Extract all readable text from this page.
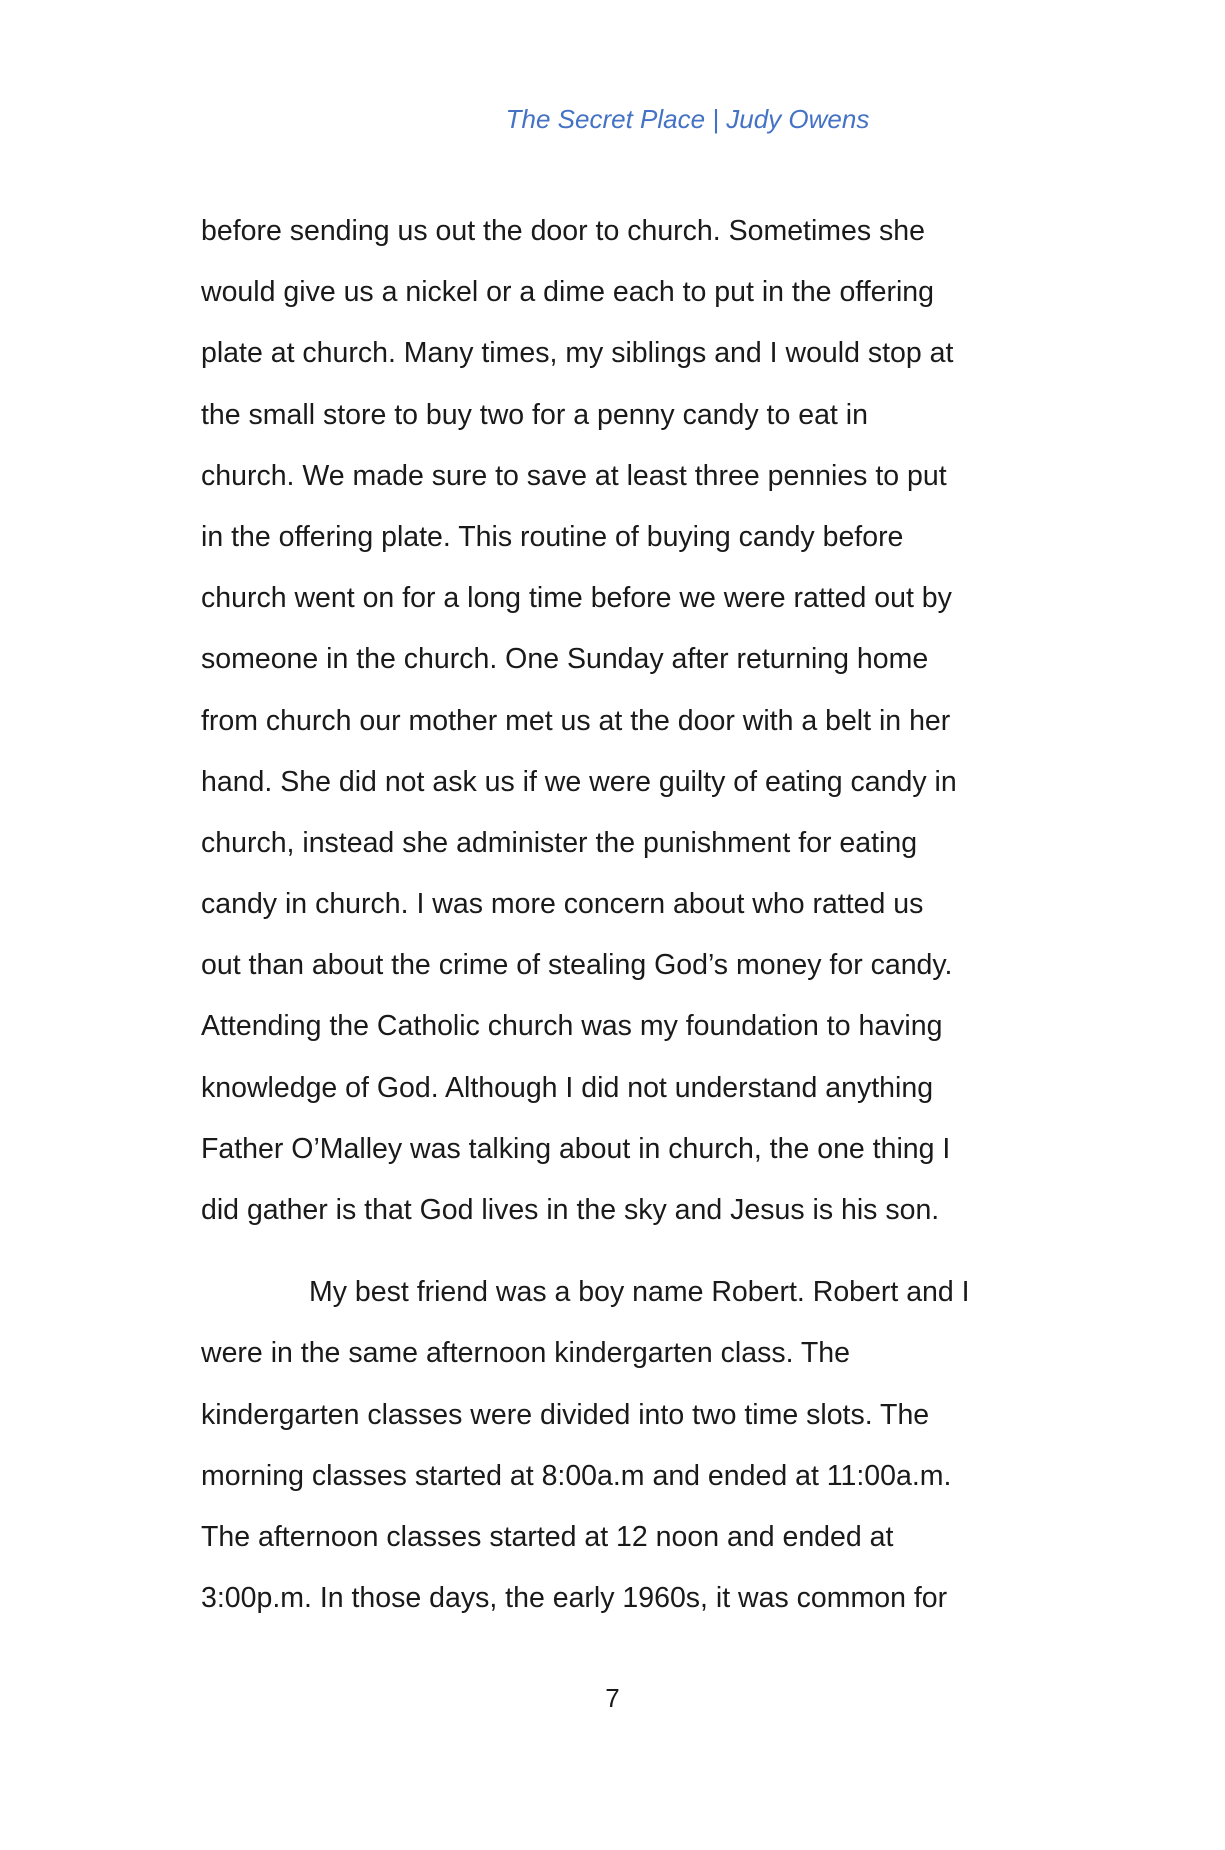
The Secret Place | Judy Owens
before sending us out the door to church. Sometimes she
would give us a nickel or a dime each to put in the offering
plate at church. Many times, my siblings and I would stop at
the small store to buy two for a penny candy to eat in
church. We made sure to save at least three pennies to put
in the offering plate. This routine of buying candy before
church went on for a long time before we were ratted out by
someone in the church. One Sunday after returning home
from church our mother met us at the door with a belt in her
hand. She did not ask us if we were guilty of eating candy in
church, instead she administer the punishment for eating
candy in church. I was more concern about who ratted us
out than about the crime of stealing God’s money for candy.
Attending the Catholic church was my foundation to having
knowledge of God. Although I did not understand anything
Father O’Malley was talking about in church, the one thing I
did gather is that God lives in the sky and Jesus is his son.
My best friend was a boy name Robert. Robert and I
were in the same afternoon kindergarten class. The
kindergarten classes were divided into two time slots. The
morning classes started at 8:00a.m and ended at 11:00a.m.
The afternoon classes started at 12 noon and ended at
3:00p.m. In those days, the early 1960s, it was common for
7
